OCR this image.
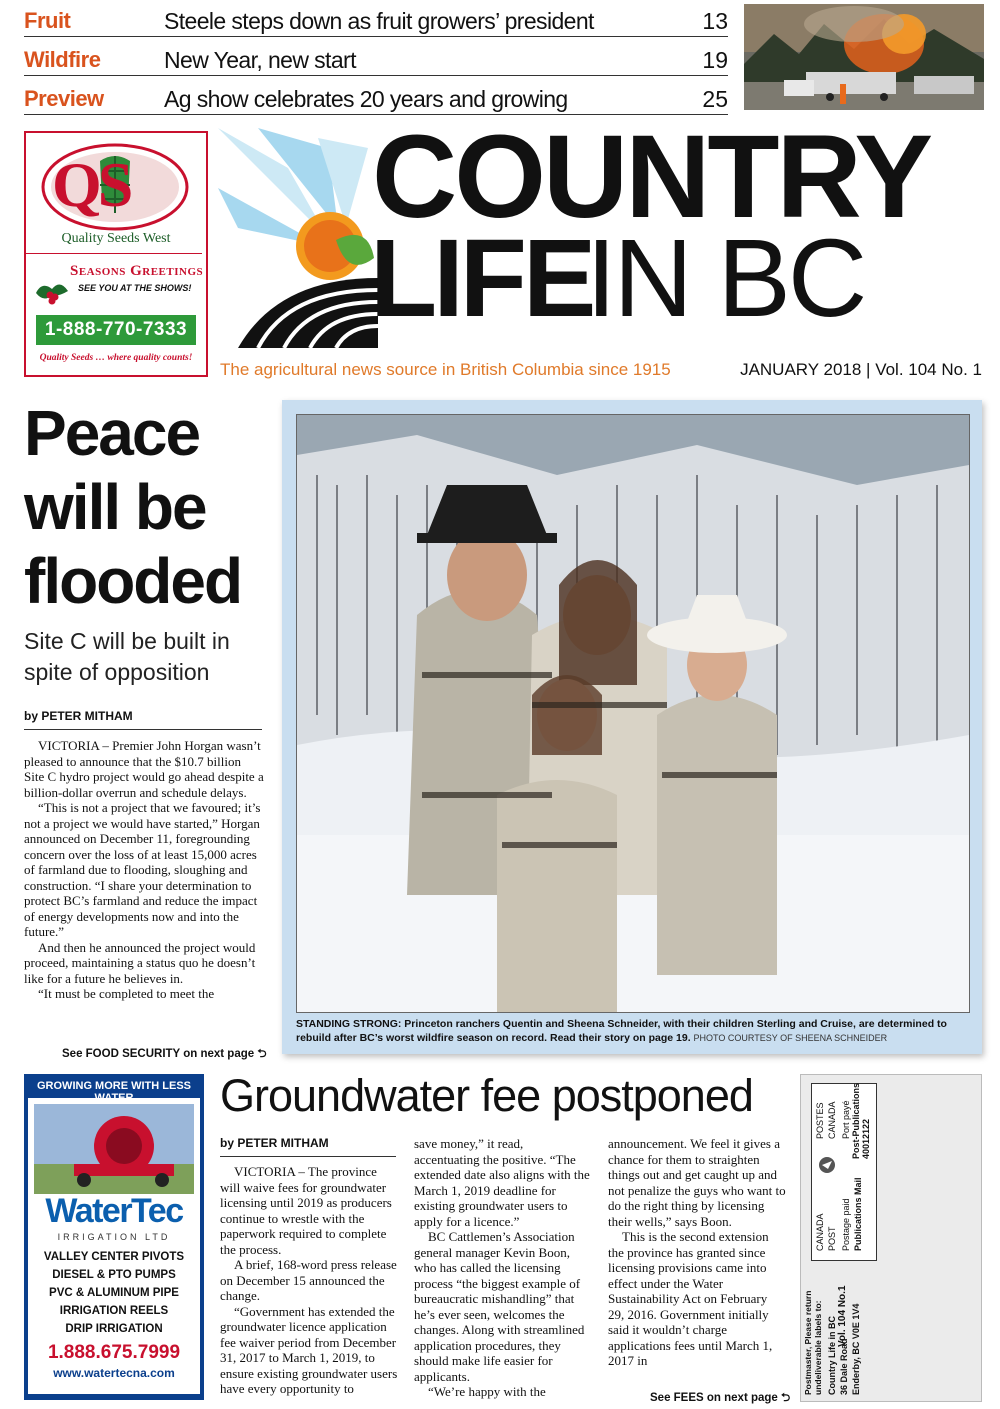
Fruit	Steele steps down as fruit growers’ president	13
Wildfire	New Year, new start	19
Preview	Ag show celebrates 20 years and growing	25
QS
Quality Seeds West
Seasons Greetings
SEE YOU AT THE SHOWS!
1-888-770-7333
Quality Seeds … where quality counts!
COUNTRY
LIFE
IN BC
The agricultural news source in British Columbia since 1915	JANUARY 2018 | Vol. 104 No. 1
Peace
will be
flooded
Site C will be built in spite of opposition
by PETER MITHAM

VICTORIA – Premier John Horgan wasn’t pleased to announce that the $10.7 billion Site C hydro project would go ahead despite a billion-dollar overrun and schedule delays.

“This is not a project that we favoured; it’s not a project we would have started,” Horgan announced on December 11, foregrounding concern over the loss of at least 15,000 acres of farmland due to flooding, sloughing and construction. “I share your determination to protect BC’s farmland and reduce the impact of energy developments now and into the future.”

And then he announced the project would proceed, maintaining a status quo he doesn’t like for a future he believes in.

“It must be completed to meet the

See FOOD SECURITY on next page ⮌
STANDING STRONG: Princeton ranchers Quentin and Sheena Schneider, with their children Sterling and Cruise, are determined to rebuild after BC’s worst wildfire season on record. Read their story on page 19. PHOTO COURTESY OF SHEENA SCHNEIDER
GROWING MORE WITH LESS
WaterTec
IRRIGATION LTD
VALLEY CENTER PIVOTS
DIESEL & PTO PUMPS
PVC & ALUMINUM PIPE
IRRIGATION REELS
DRIP IRRIGATION
1.888.675.7999
www.watertecna.com
PROVINCE WIDE DELIVERY
Groundwater fee postponed
by PETER MITHAM

VICTORIA – The province will waive fees for groundwater licensing until 2019 as producers continue to wrestle with the paperwork required to complete the process.

A brief, 168-word press release on December 15 announced the change.

“Government has extended the groundwater licence application fee waiver period from December 31, 2017 to March 1, 2019, to ensure existing groundwater users have every opportunity to

save money,” it read, accentuating the positive. “The extended date also aligns with the March 1, 2019 deadline for existing groundwater users to apply for a licence.”

BC Cattlemen’s Association general manager Kevin Boon, who has called the licensing process “the biggest example of bureaucratic mishandling” that he’s ever seen, welcomes the changes. Along with streamlined application procedures, they should make life easier for applicants.

“We’re happy with the

announcement. We feel it gives a chance for them to straighten things out and get caught up and not penalize the guys who want to do the right thing by licensing their wells,” says Boon.

This is the second extension the province has granted since licensing provisions came into effect under the Water Sustainability Act on February 29, 2016. Government initially said it wouldn’t charge applications fees until March 1, 2017 in

See FEES on next page ⮌
POSTES CANADA Port payé Post-Publications 40012122
CANADA POST Postage paid Publications Mail
Vol. 104 No.1
Postmaster, Please return undeliverable labels to: Country Life in BC 36 Dale Road Enderby, BC V0E 1V4
